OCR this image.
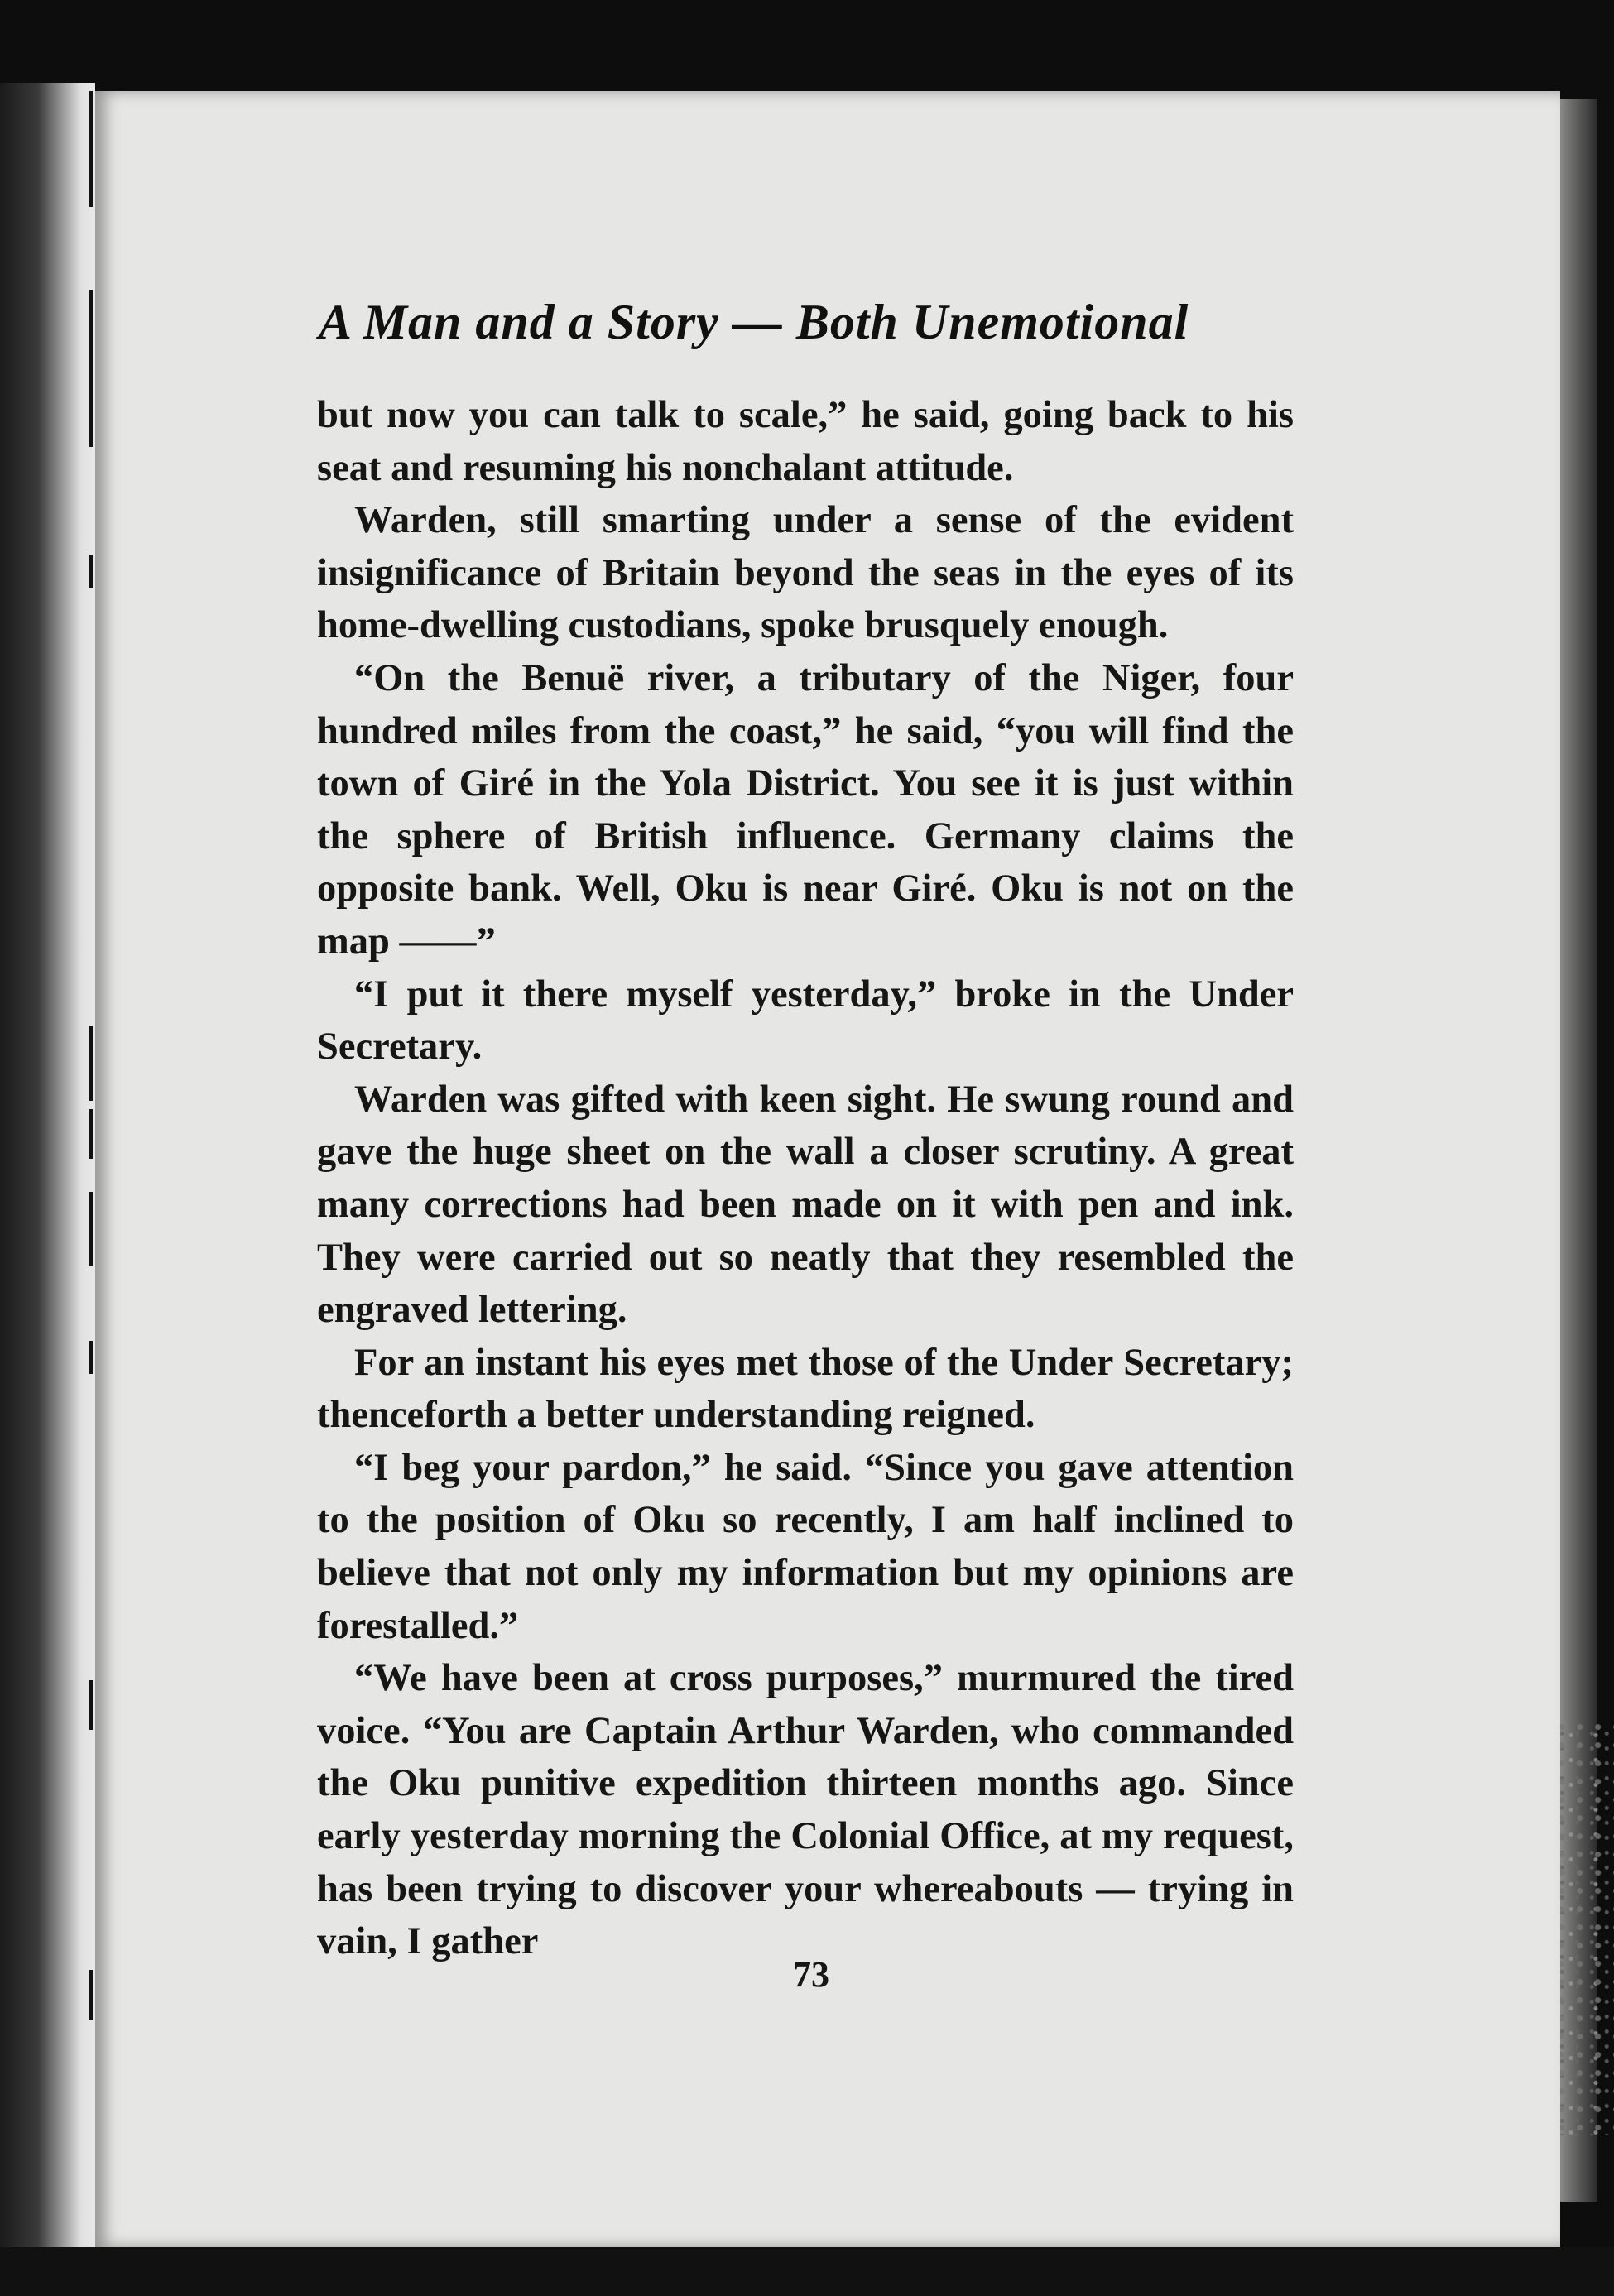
A Man and a Story — Both Unemotional

but now you can talk to scale,” he said, going back to his seat and resuming his nonchalant attitude.

Warden, still smarting under a sense of the evident insignificance of Britain beyond the seas in the eyes of its home-dwelling custodians, spoke brusquely enough.

“On the Benuë river, a tributary of the Niger, four hundred miles from the coast,” he said, “you will find the town of Giré in the Yola District. You see it is just within the sphere of British influence. Germany claims the opposite bank. Well, Oku is near Giré. Oku is not on the map ——”

“I put it there myself yesterday,” broke in the Under Secretary.

Warden was gifted with keen sight. He swung round and gave the huge sheet on the wall a closer scrutiny. A great many corrections had been made on it with pen and ink. They were carried out so neatly that they resembled the engraved lettering.

For an instant his eyes met those of the Under Secretary; thenceforth a better understanding reigned.

“I beg your pardon,” he said. “Since you gave attention to the position of Oku so recently, I am half inclined to believe that not only my information but my opinions are forestalled.”

“We have been at cross purposes,” murmured the tired voice. “You are Captain Arthur Warden, who commanded the Oku punitive expedition thirteen months ago. Since early yesterday morning the Colonial Office, at my request, has been trying to discover your whereabouts — trying in vain, I gather

73
